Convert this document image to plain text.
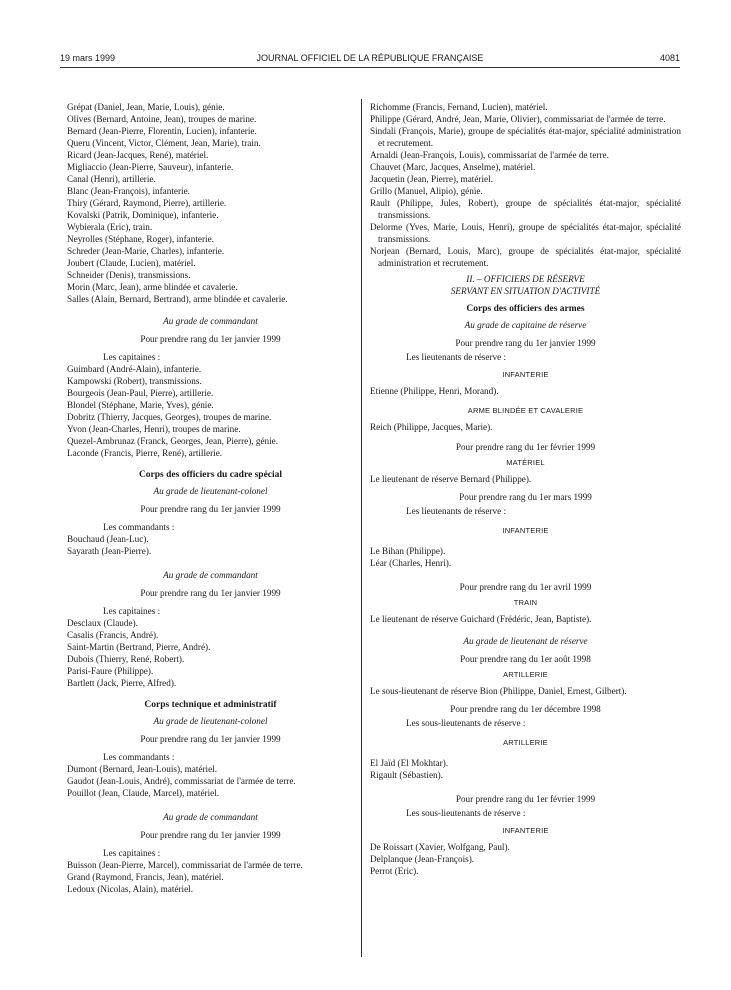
19 mars 1999	JOURNAL OFFICIEL DE LA RÉPUBLIQUE FRANÇAISE	4081

Grépat (Daniel, Jean, Marie, Louis), génie.

Olives (Bernard, Antoine, Jean), troupes de marine.

Bernard (Jean-Pierre, Florentin, Lucien), infanterie.

Queru (Vincent, Victor, Clément, Jean, Marie), train.

Ricard (Jean-Jacques, René), matériel.

Migliaccio (Jean-Pierre, Sauveur), infanterie.

Canal (Henri), artillerie.

Blanc (Jean-François), infanterie.

Thiry (Gérard, Raymond, Pierre), artillerie.

Kovalski (Patrik, Dominique), infanterie.

Wybierala (Eric), train.

Neyrolles (Stéphane, Roger), infanterie.

Schreder (Jean-Marie, Charles), infanterie.

Joubert (Claude, Lucien), matériel.

Schneider (Denis), transmissions.

Morin (Marc, Jean), arme blindée et cavalerie.

Salles (Alain, Bernard, Bertrand), arme blindée et cavalerie.

Au grade de commandant

Pour prendre rang du 1er janvier 1999

Les capitaines :

Guimbard (André-Alain), infanterie.

Kampowski (Robert), transmissions.

Bourgeois (Jean-Paul, Pierre), artillerie.

Blondel (Stéphane, Marie, Yves), génie.

Dobritz (Thierry, Jacques, Georges), troupes de marine.

Yvon (Jean-Charles, Henri), troupes de marine.

Quezel-Ambrunaz (Franck, Georges, Jean, Pierre), génie.

Laconde (Francis, Pierre, René), artillerie.

Corps des officiers du cadre spécial

Au grade de lieutenant-colonel

Pour prendre rang du 1er janvier 1999

Les commandants :

Bouchaud (Jean-Luc).

Sayarath (Jean-Pierre).

Au grade de commandant

Pour prendre rang du 1er janvier 1999

Les capitaines :

Desclaux (Claude).

Casalis (Francis, André).

Saint-Martin (Bertrand, Pierre, André).

Dubois (Thierry, René, Robert).

Parisi-Faure (Philippe).

Bartlett (Jack, Pierre, Alfred).

Corps technique et administratif

Au grade de lieutenant-colonel

Pour prendre rang du 1er janvier 1999

Les commandants :

Dumont (Bernard, Jean-Louis), matériel.

Gaudot (Jean-Louis, André), commissariat de l'armée de terre.

Pouillot (Jean, Claude, Marcel), matériel.

Au grade de commandant

Pour prendre rang du 1er janvier 1999

Les capitaines :

Buisson (Jean-Pierre, Marcel), commissariat de l'armée de terre.

Grand (Raymond, Francis, Jean), matériel.

Ledoux (Nicolas, Alain), matériel.

Richomme (Francis, Fernand, Lucien), matériel.

Philippe (Gérard, André, Jean, Marie, Olivier), commissariat de l'armée de terre.

Sindali (François, Marie), groupe de spécialités état-major, spécialité administration et recrutement.

Arnaldi (Jean-François, Louis), commissariat de l'armée de terre.

Chauvet (Marc, Jacques, Anselme), matériel.

Jacquetin (Jean, Pierre), matériel.

Grillo (Manuel, Alipio), génie.

Rault (Philippe, Jules, Robert), groupe de spécialités état-major, spécialité transmissions.

Delorme (Yves, Marie, Louis, Henri), groupe de spécialités état-major, spécialité transmissions.

Norjean (Bernard, Louis, Marc), groupe de spécialités état-major, spécialité administration et recrutement.

II. – OFFICIERS DE RÉSERVE

SERVANT EN SITUATION D'ACTIVITÉ

Corps des officiers des armes

Au grade de capitaine de réserve

Pour prendre rang du 1er janvier 1999

Les lieutenants de réserve :

INFANTERIE

Etienne (Philippe, Henri, Morand).

ARME BLINDÉE ET CAVALERIE

Reich (Philippe, Jacques, Marie).

Pour prendre rang du 1er février 1999

MATÉRIEL

Le lieutenant de réserve Bernard (Philippe).

Pour prendre rang du 1er mars 1999

Les lieutenants de réserve :

INFANTERIE

Le Bihan (Philippe).

Léar (Charles, Henri).

Pour prendre rang du 1er avril 1999

TRAIN

Le lieutenant de réserve Guichard (Frédéric, Jean, Baptiste).

Au grade de lieutenant de réserve

Pour prendre rang du 1er août 1998

ARTILLERIE

Le sous-lieutenant de réserve Bion (Philippe, Daniel, Ernest, Gilbert).

Pour prendre rang du 1er décembre 1998

Les sous-lieutenants de réserve :

ARTILLERIE

El Jaïd (El Mokhtar).

Rigault (Sébastien).

Pour prendre rang du 1er février 1999

Les sous-lieutenants de réserve :

INFANTERIE

De Roissart (Xavier, Wolfgang, Paul).

Delplanque (Jean-François).

Perrot (Eric).
